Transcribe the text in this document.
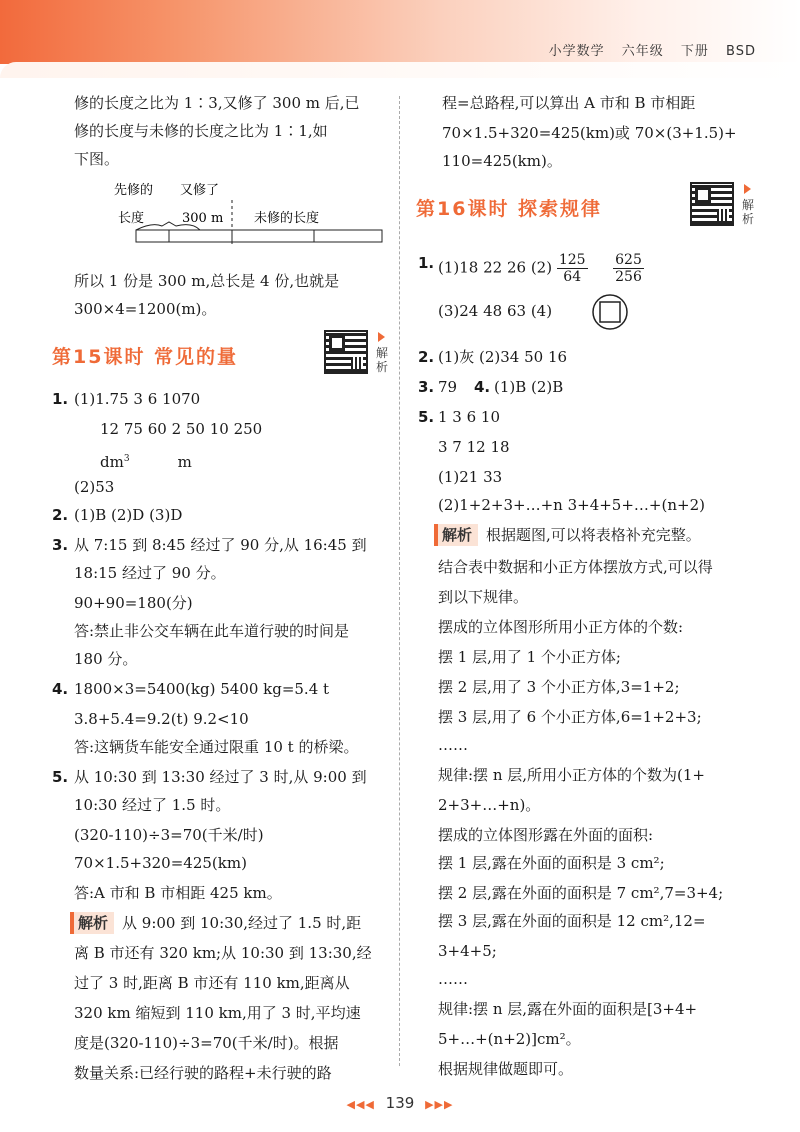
小学数学 六年级 下册 BSD
修的长度之比为 1∶3,又修了 300 m 后,已
修的长度与未修的长度之比为 1∶1,如
下图。
先修的
长度
又修了
300 m 未修的长度
所以 1 份是 300 m,总长是 4 份,也就是
300×4=1200(m)。
第15课时 常见的量	解析
1. (1)1.75 3 6 1070
12 75 60 2 50 10 250
$dm^3$	m
(2)53
2. (1)B (2)D (3)D
3. 从 7:15 到 8:45 经过了 90 分,从 16:45 到
18:15 经过了 90 分。
90+90=180(分)
答:禁止非公交车辆在此车道行驶的时间是
180 分。
4. 1800×3=5400(kg) 5400 kg=5.4 t
3.8+5.4=9.2(t) 9.2<10
答:这辆货车能安全通过限重 10 t 的桥梁。
5. 从 10:30 到 13:30 经过了 3 时,从 9:00 到
10:30 经过了 1.5 时。
(320-110)÷3=70(千米/时)
70×1.5+320=425(km)
答:A 市和 B 市相距 425 km。
解析 从 9:00 到 10:30,经过了 1.5 时,距
离 B 市还有 320 km;从 10:30 到 13:30,经
过了 3 时,距离 B 市还有 110 km,距离从
320 km 缩短到 110 km,用了 3 时,平均速
度是(320-110)÷3=70(千米/时)。根据
数量关系:已经行驶的路程+未行驶的路
程=总路程,可以算出 A 市和 B 市相距
70×1.5+320=425(km)或 70×(3+1.5)+
110=425(km)。
第16课时 探索规律	解析
1. (1)18 22 26 $(2) \frac{125}{64}$
$\frac{625}{256}$
(3)24 48 63 (4)
2. (1)灰 (2)34 50 16
3. 79 4. (1)B (2)B
5. 1 3 6 10
3 7 12 18
(1)21 33
(2)1+2+3+…+n 3+4+5+…+(n+2)
解析 根据题图,可以将表格补充完整。
结合表中数据和小正方体摆放方式,可以得
到以下规律。
摆成的立体图形所用小正方体的个数:
摆 1 层,用了 1 个小正方体;
摆 2 层,用了 3 个小正方体,3=1+2;
摆 3 层,用了 6 个小正方体,6=1+2+3;
……
规律:摆 n 层,所用小正方体的个数为(1+
2+3+…+n)。
摆成的立体图形露在外面的面积:
摆 1 层,露在外面的面积是 3 cm²;
摆 2 层,露在外面的面积是 7 cm²,7=3+4;
摆 3 层,露在外面的面积是 12 cm²,12=
3+4+5;
……
规律:摆 n 层,露在外面的面积是[3+4+
5+…+(n+2)]cm²。
根据规律做题即可。
◀◀◀ 139 ▶▶▶
